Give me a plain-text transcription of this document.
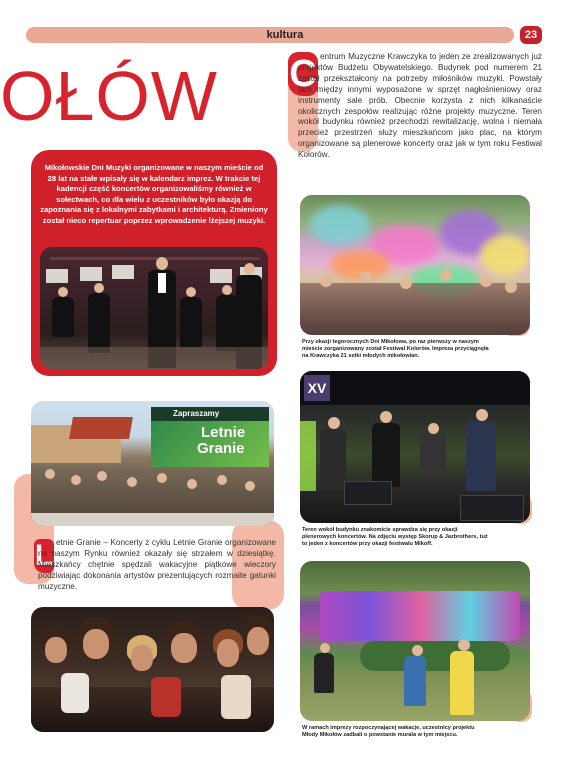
kultura	23
OŁÓW C entrum Muzyczne Krawczyka to jeden ze zrealizowanych już projektów Budżetu Obywatelskiego. Budynek pod numerem 21 został przekształcony na potrzeby miłośników muzyki. Powstały tam między innymi wyposażone w sprzęt nagłośnieniowy oraz instrumenty sale prób. Obecnie korzysta z nich kilkanaście okolicznych zespołów realizując różne projekty muzyczne. Teren wokół budynku również przechodzi rewitalizację, wolna i niemała przecież przestrzeń służy mieszkańcom jako plac, na którym organizowane są plenerowe koncerty oraz jak w tym roku Festiwal Kolorów.
Mikołowskie Dni Muzyki organizowane w naszym mieście od 28 lat na stałe wpisały się w kalendarz imprez. W trakcie tej kadencji część koncertów organizowaliśmy również w sołectwach, co dla wielu z uczestników było okazją do zapoznania się z lokalnymi zabytkami i architekturą. Zmieniony został nieco repertuar poprzez wprowadzenie lżejszej muzyki.
Przy okazji tegorocznych Dni Mikołowa, po raz pierwszy w naszym mieście zorganizowany został Festiwal Kolorów. Impreza przyciągnęła na Krawczyka 21 setki młodych mikołowian.
XV
Teren wokół budynku znakomicie sprawdza się przy okazji plenerowych koncertów. Na zdjęciu występ Skorup & Jazbrothers, tuż to jeden z koncertów przy okazji festiwalu Mikoff.
W ramach imprezy rozpoczynającej wakacje, uczestnicy projektu Młody Mikołów zadbali o powstanie murala w tym miejscu.
Zapraszamy
Letnie
Granie
L etnie Granie – Koncerty z cyklu Letnie Granie organizowane na naszym Rynku również okazały się strzałem w dziesiątkę. Mieszkańcy chętnie spędzali wakacyjne piątkowe wieczory podziwiając dokonania artystów prezentujących rozmaite gatunki muzyczne.
